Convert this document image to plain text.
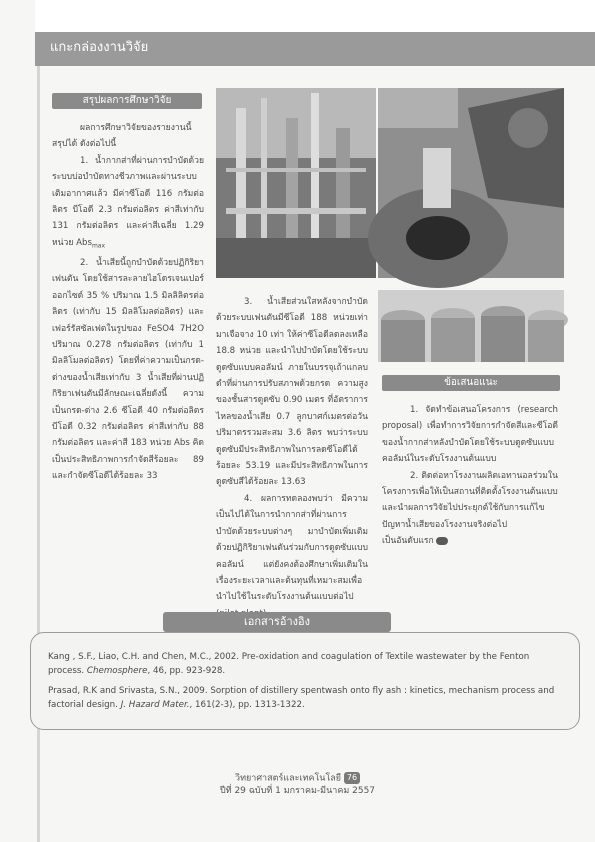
แกะกล่องงานวิจัย
สรุปผลการศึกษาวิจัย

ผลการศึกษาวิจัยของรายงานนี้ สรุปได้ ดังต่อไปนี้

1. น้ำกากส่าที่ผ่านการบำบัดด้วยระบบบ่อบำบัดทางชีวภาพและผ่านระบบเติมอากาศแล้ว มีค่าซีโอดี 116 กรัมต่อลิตร บีโอดี 2.3 กรัมต่อลิตร ค่าสีเท่ากับ 131 กรัมต่อลิตร และค่าสีเฉลี่ย 1.29 หน่วย Abs$_{max}$

2. น้ำเสียนี้ถูกบำบัดด้วยปฏิกิริยาเฟนตัน โดยใช้สารละลายไฮโดรเจนเปอร์ออกไซด์ 35 % ปริมาณ 1.5 มิลลิลิตรต่อลิตร (เท่ากับ 15 มิลลิโมลต่อลิตร) และเฟอร์รัสซัลเฟตในรูปของ FeSO4 7H2O ปริมาณ 0.278 กรัมต่อลิตร (เท่ากับ 1 มิลลิโมลต่อลิตร) โดยที่ค่าความเป็นกรด-ด่างของน้ำเสียเท่ากับ 3 น้ำเสียที่ผ่านปฏิกิริยาเฟนตันมีลักษณะเฉลี่ยดังนี้ ความเป็นกรด-ด่าง 2.6 ซีโอดี 40 กรัมต่อลิตร บีโอดี 0.32 กรัมต่อลิตร ค่าสีเท่ากับ 88 กรัมต่อลิตร และค่าสี 183 หน่วย Abs คิดเป็นประสิทธิภาพการกำจัดสีร้อยละ 89 และกำจัดซีโอดีได้ร้อยละ 33

3. น้ำเสียส่วนใสหลังจากบำบัดด้วยระบบเฟนตันมีซีโอดี 188 หน่วยเท่ามาเจือจาง 10 เท่า ให้ค่าซีโอดีลดลงเหลือ 18.8 หน่วย และนำไปบำบัดโดยใช้ระบบดูดซับแบบคอลัมน์ ภายในบรรจุเถ้าแกลบดำที่ผ่านการปรับสภาพด้วยกรด ความสูงของชั้นสารดูดซับ 0.90 เมตร ที่อัตราการไหลของน้ำเสีย 0.7 ลูกบาศก์เมตรต่อวัน ปริมาตรรวมสะสม 3.6 ลิตร พบว่าระบบดูดซับมีประสิทธิภาพในการลดซีโอดีได้ร้อยละ 53.19 และมีประสิทธิภาพในการดูดซับสีได้ร้อยละ 13.63

4. ผลการทดลองพบว่า มีความเป็นไปได้ในการนำกากส่าที่ผ่านการบำบัดด้วยระบบต่างๆ มาบำบัดเพิ่มเติมด้วยปฏิกิริยาเฟนตันร่วมกับการดูดซับแบบคอลัมน์ แต่ยังคงต้องศึกษาเพิ่มเติมในเรื่องระยะเวลาและต้นทุนที่เหมาะสมเพื่อนำไปใช้ในระดับโรงงานต้นแบบต่อไป

ข้อเสนอแนะ

1. จัดทำข้อเสนอโครงการ (research proposal) เพื่อทำการวิจัยการกำจัดสีและซีโอดีของน้ำกากส่าหลังบำบัดโดยใช้ระบบดูดซับแบบคอลัมน์ในระดับโรงงานต้นแบบ

2. ติดต่อหาโรงงานผลิตเอทานอลร่วมในโครงการเพื่อให้เป็นสถานที่ติดตั้งโรงงานต้นแบบและนำผลการวิจัยไปประยุกต์ใช้กับการแก้ไขปัญหาน้ำเสียของโรงงานจริงต่อไป

เป็นอันดับแรก

เอกสารอ้างอิง

Kang , S.F., Liao, C.H. and Chen, M.C., 2002. Pre-oxidation and coagulation of Textile wastewater by the Fenton process. Chemosphere, 46, pp. 923-928.

Prasad, R.K and Srivasta, S.N., 2009. Sorption of distillery spentwash onto fly ash : kinetics, mechanism process and factorial design. J. Hazard Mater., 161(2-3), pp. 1313-1322.

วิทยาศาสตร์และเทคโนโลยี 76
ปีที่ 29 ฉบับที่ 1 มกราคม-มีนาคม 2557
